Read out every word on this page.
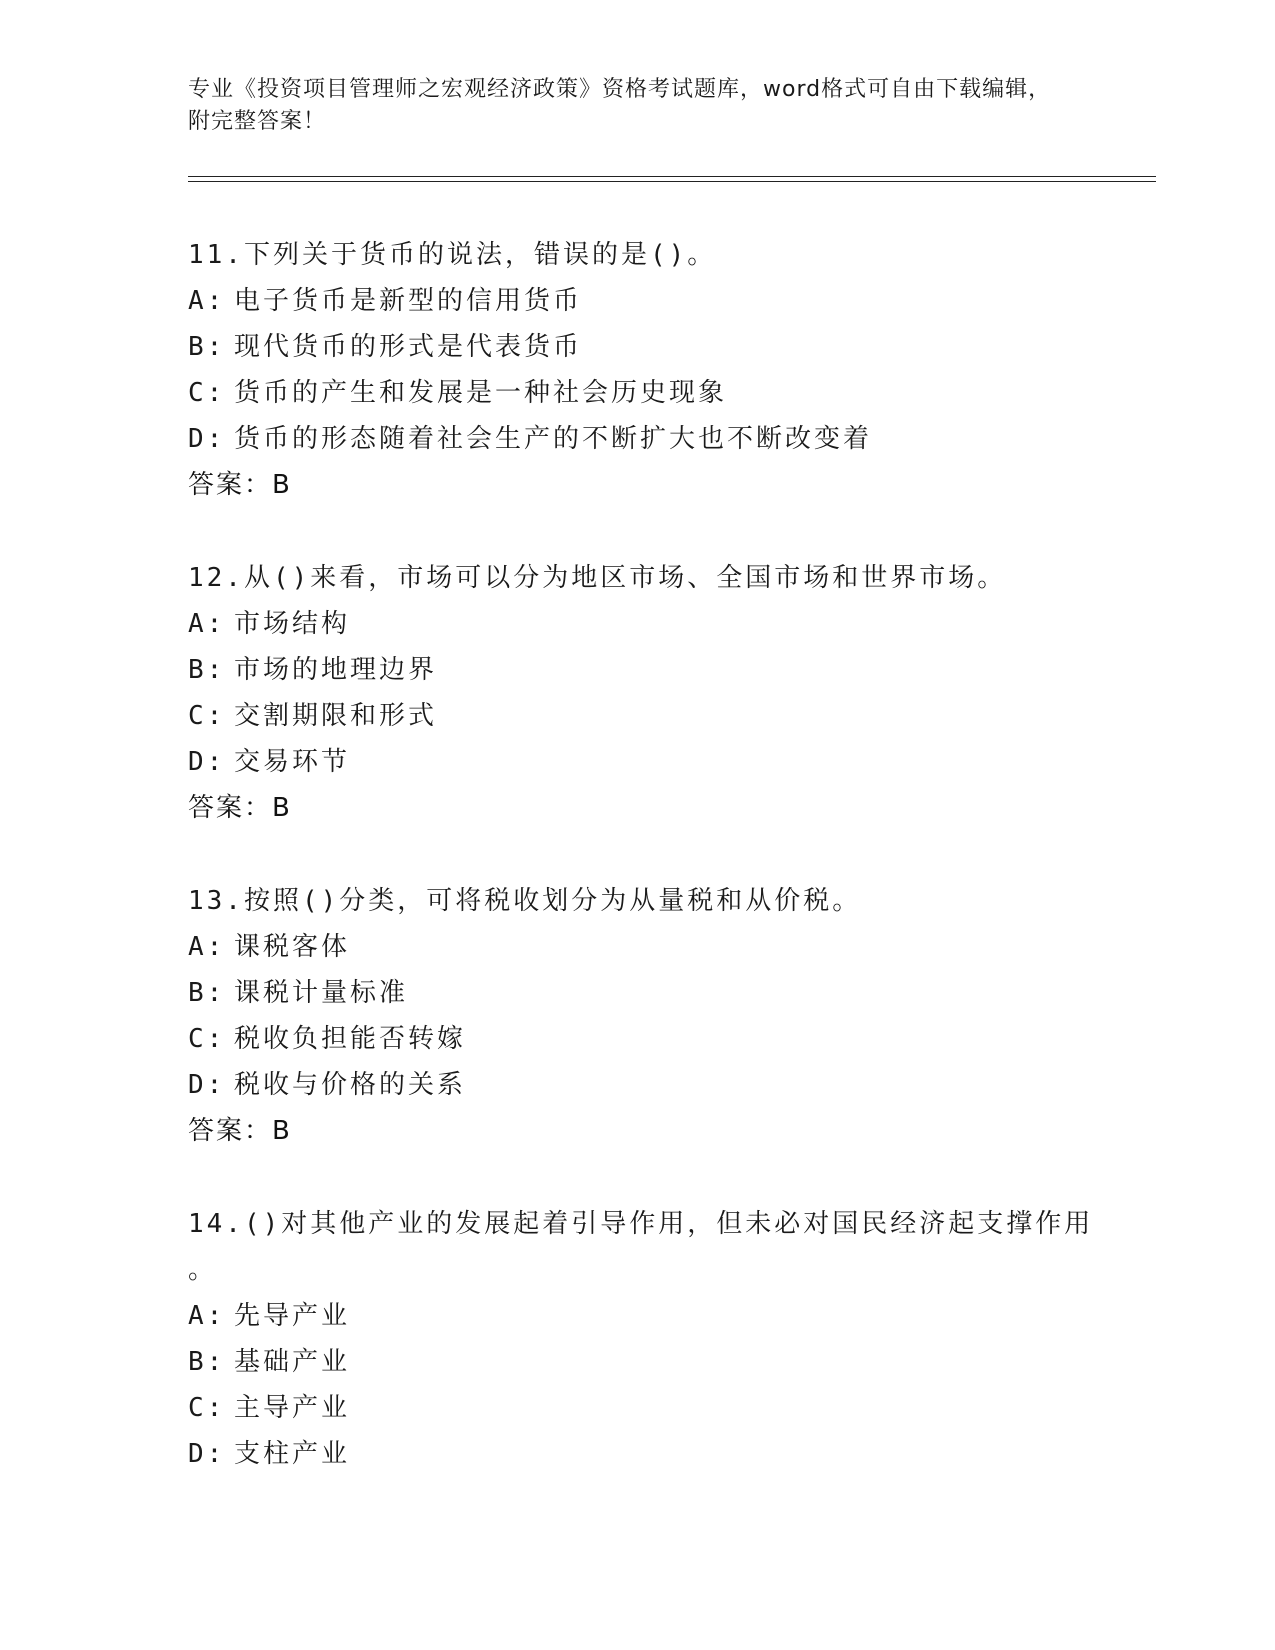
专业《投资项目管理师之宏观经济政策》资格考试题库，word格式可自由下载编辑，附完整答案！
11.下列关于货币的说法，错误的是()。
A: 电子货币是新型的信用货币
B: 现代货币的形式是代表货币
C: 货币的产生和发展是一种社会历史现象
D: 货币的形态随着社会生产的不断扩大也不断改变着
答案：B
12.从()来看，市场可以分为地区市场、全国市场和世界市场。
A: 市场结构
B: 市场的地理边界
C: 交割期限和形式
D: 交易环节
答案：B
13.按照()分类，可将税收划分为从量税和从价税。
A: 课税客体
B: 课税计量标准
C: 税收负担能否转嫁
D: 税收与价格的关系
答案：B
14.()对其他产业的发展起着引导作用，但未必对国民经济起支撑作用
。
A: 先导产业
B: 基础产业
C: 主导产业
D: 支柱产业
